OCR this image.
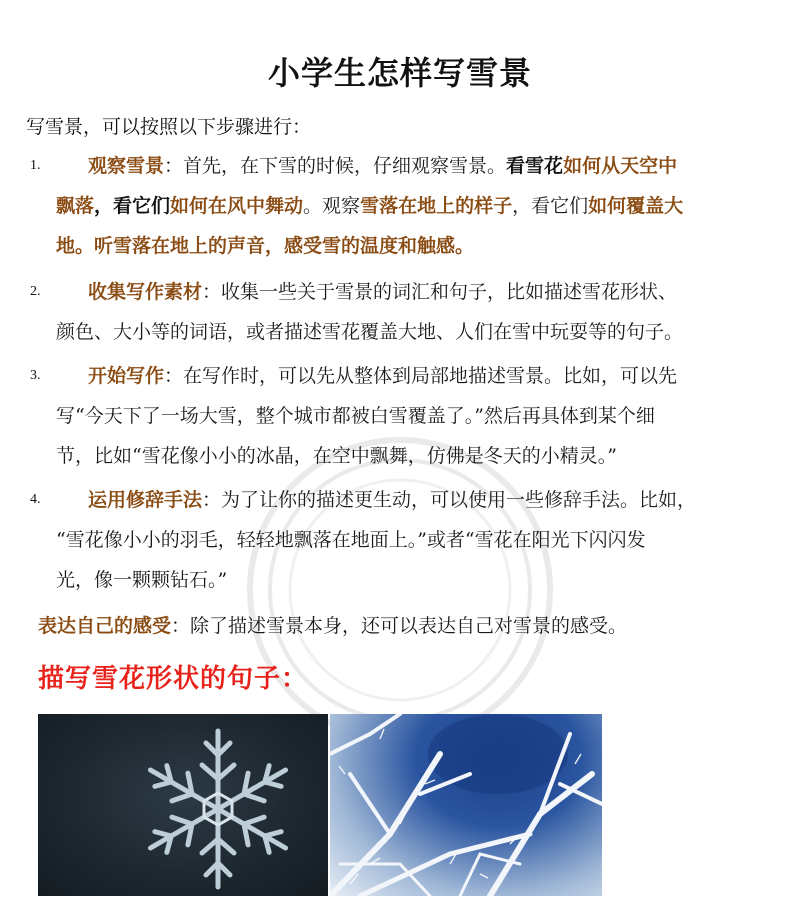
小学生怎样写雪景
写雪景，可以按照以下步骤进行：
1.	观察雪景：首先，在下雪的时候，仔细观察雪景。看雪花如何从天空中
飘落，看它们如何在风中舞动。观察雪落在地上的样子，看它们如何覆盖大
地。听雪落在地上的声音，感受雪的温度和触感。
2.	收集写作素材：收集一些关于雪景的词汇和句子，比如描述雪花形状、
颜色、大小等的词语，或者描述雪花覆盖大地、人们在雪中玩耍等的句子。
3.	开始写作：在写作时，可以先从整体到局部地描述雪景。比如，可以先
写“今天下了一场大雪，整个城市都被白雪覆盖了。”然后再具体到某个细
节，比如“雪花像小小的冰晶，在空中飘舞，仿佛是冬天的小精灵。”
4.	运用修辞手法：为了让你的描述更生动，可以使用一些修辞手法。比如，
“雪花像小小的羽毛，轻轻地飘落在地面上。”或者“雪花在阳光下闪闪发
光，像一颗颗钻石。”
表达自己的感受：除了描述雪景本身，还可以表达自己对雪景的感受。
描写雪花形状的句子：
